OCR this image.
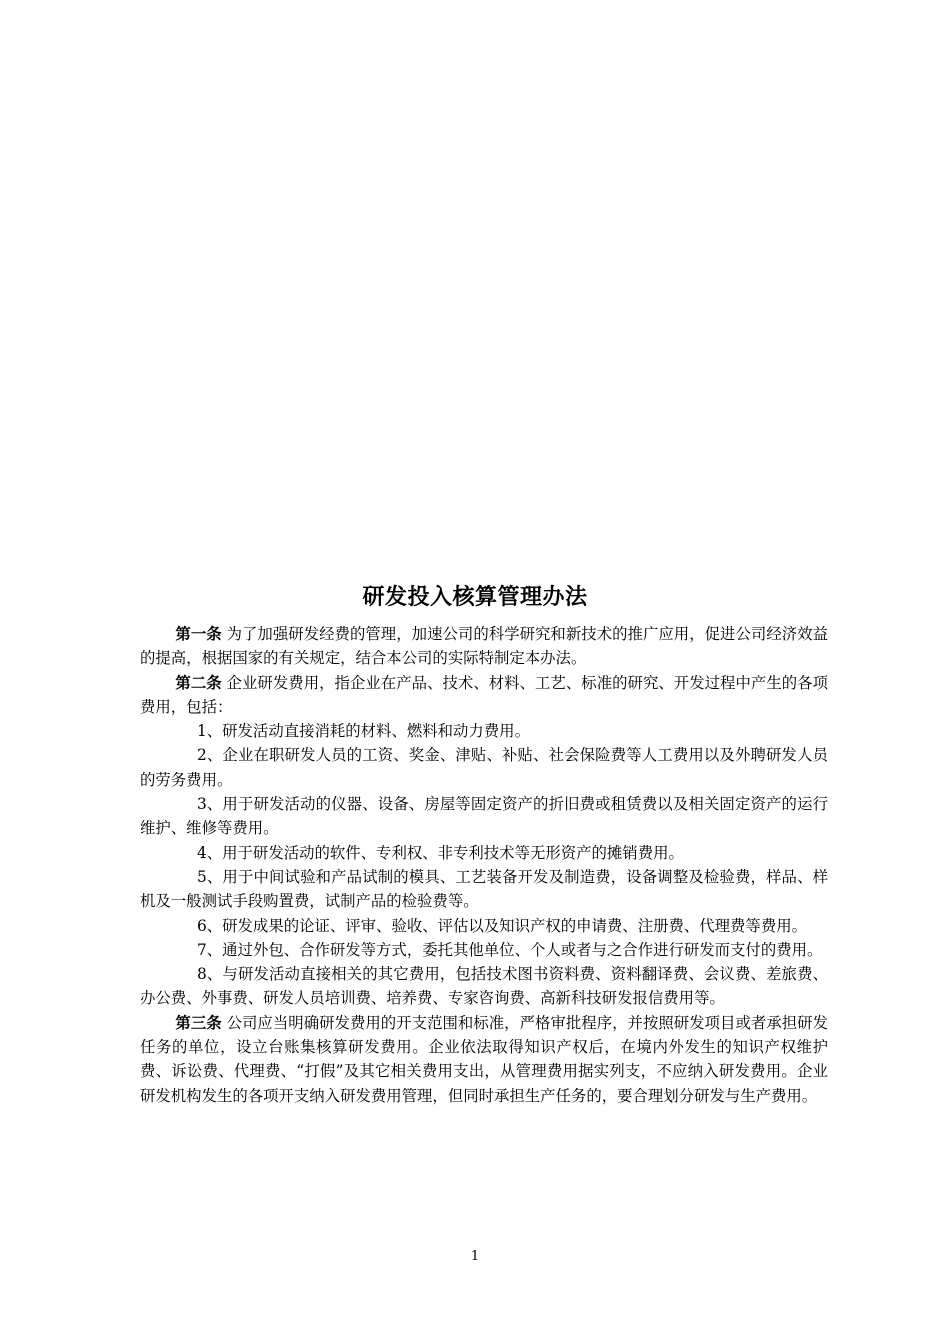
研发投入核算管理办法

第一条 为了加强研发经费的管理，加速公司的科学研究和新技术的推广应用，促进公司经济效益的提高，根据国家的有关规定，结合本公司的实际特制定本办法。

第二条 企业研发费用，指企业在产品、技术、材料、工艺、标准的研究、开发过程中产生的各项费用，包括：

1、研发活动直接消耗的材料、燃料和动力费用。

2、企业在职研发人员的工资、奖金、津贴、补贴、社会保险费等人工费用以及外聘研发人员的劳务费用。

3、用于研发活动的仪器、设备、房屋等固定资产的折旧费或租赁费以及相关固定资产的运行维护、维修等费用。

4、用于研发活动的软件、专利权、非专利技术等无形资产的摊销费用。

5、用于中间试验和产品试制的模具、工艺装备开发及制造费，设备调整及检验费，样品、样机及一般测试手段购置费，试制产品的检验费等。

6、研发成果的论证、评审、验收、评估以及知识产权的申请费、注册费、代理费等费用。

7、通过外包、合作研发等方式，委托其他单位、个人或者与之合作进行研发而支付的费用。

8、与研发活动直接相关的其它费用，包括技术图书资料费、资料翻译费、会议费、差旅费、办公费、外事费、研发人员培训费、培养费、专家咨询费、高新科技研发报信费用等。

第三条 公司应当明确研发费用的开支范围和标准，严格审批程序，并按照研发项目或者承担研发任务的单位，设立台账集核算研发费用。企业依法取得知识产权后，在境内外发生的知识产权维护费、诉讼费、代理费、“打假”及其它相关费用支出，从管理费用据实列支，不应纳入研发费用。企业研发机构发生的各项开支纳入研发费用管理，但同时承担生产任务的，要合理划分研发与生产费用。

1
